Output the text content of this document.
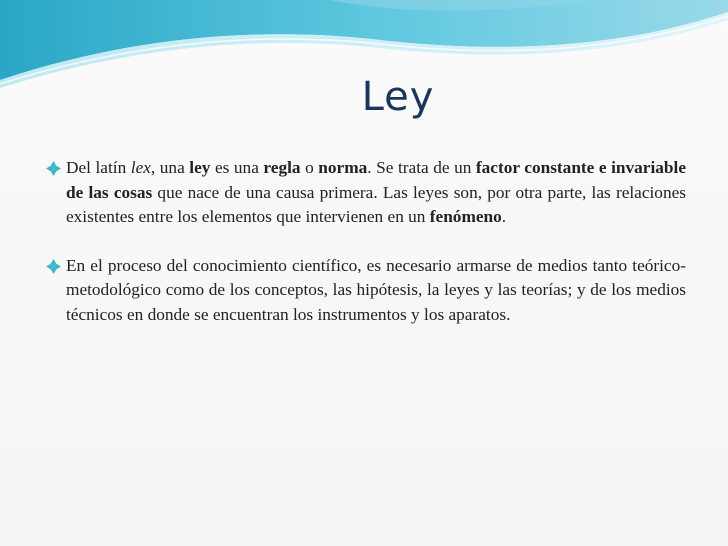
Ley
Del latín lex, una ley es una regla o norma. Se trata de un factor constante e invariable de las cosas que nace de una causa primera. Las leyes son, por otra parte, las relaciones existentes entre los elementos que intervienen en un fenómeno.
En el proceso del conocimiento científico, es necesario armarse de medios tanto teórico-metodológico como de los conceptos, las hipótesis, la leyes y las teorías; y de los medios técnicos en donde se encuentran los instrumentos y los aparatos.
